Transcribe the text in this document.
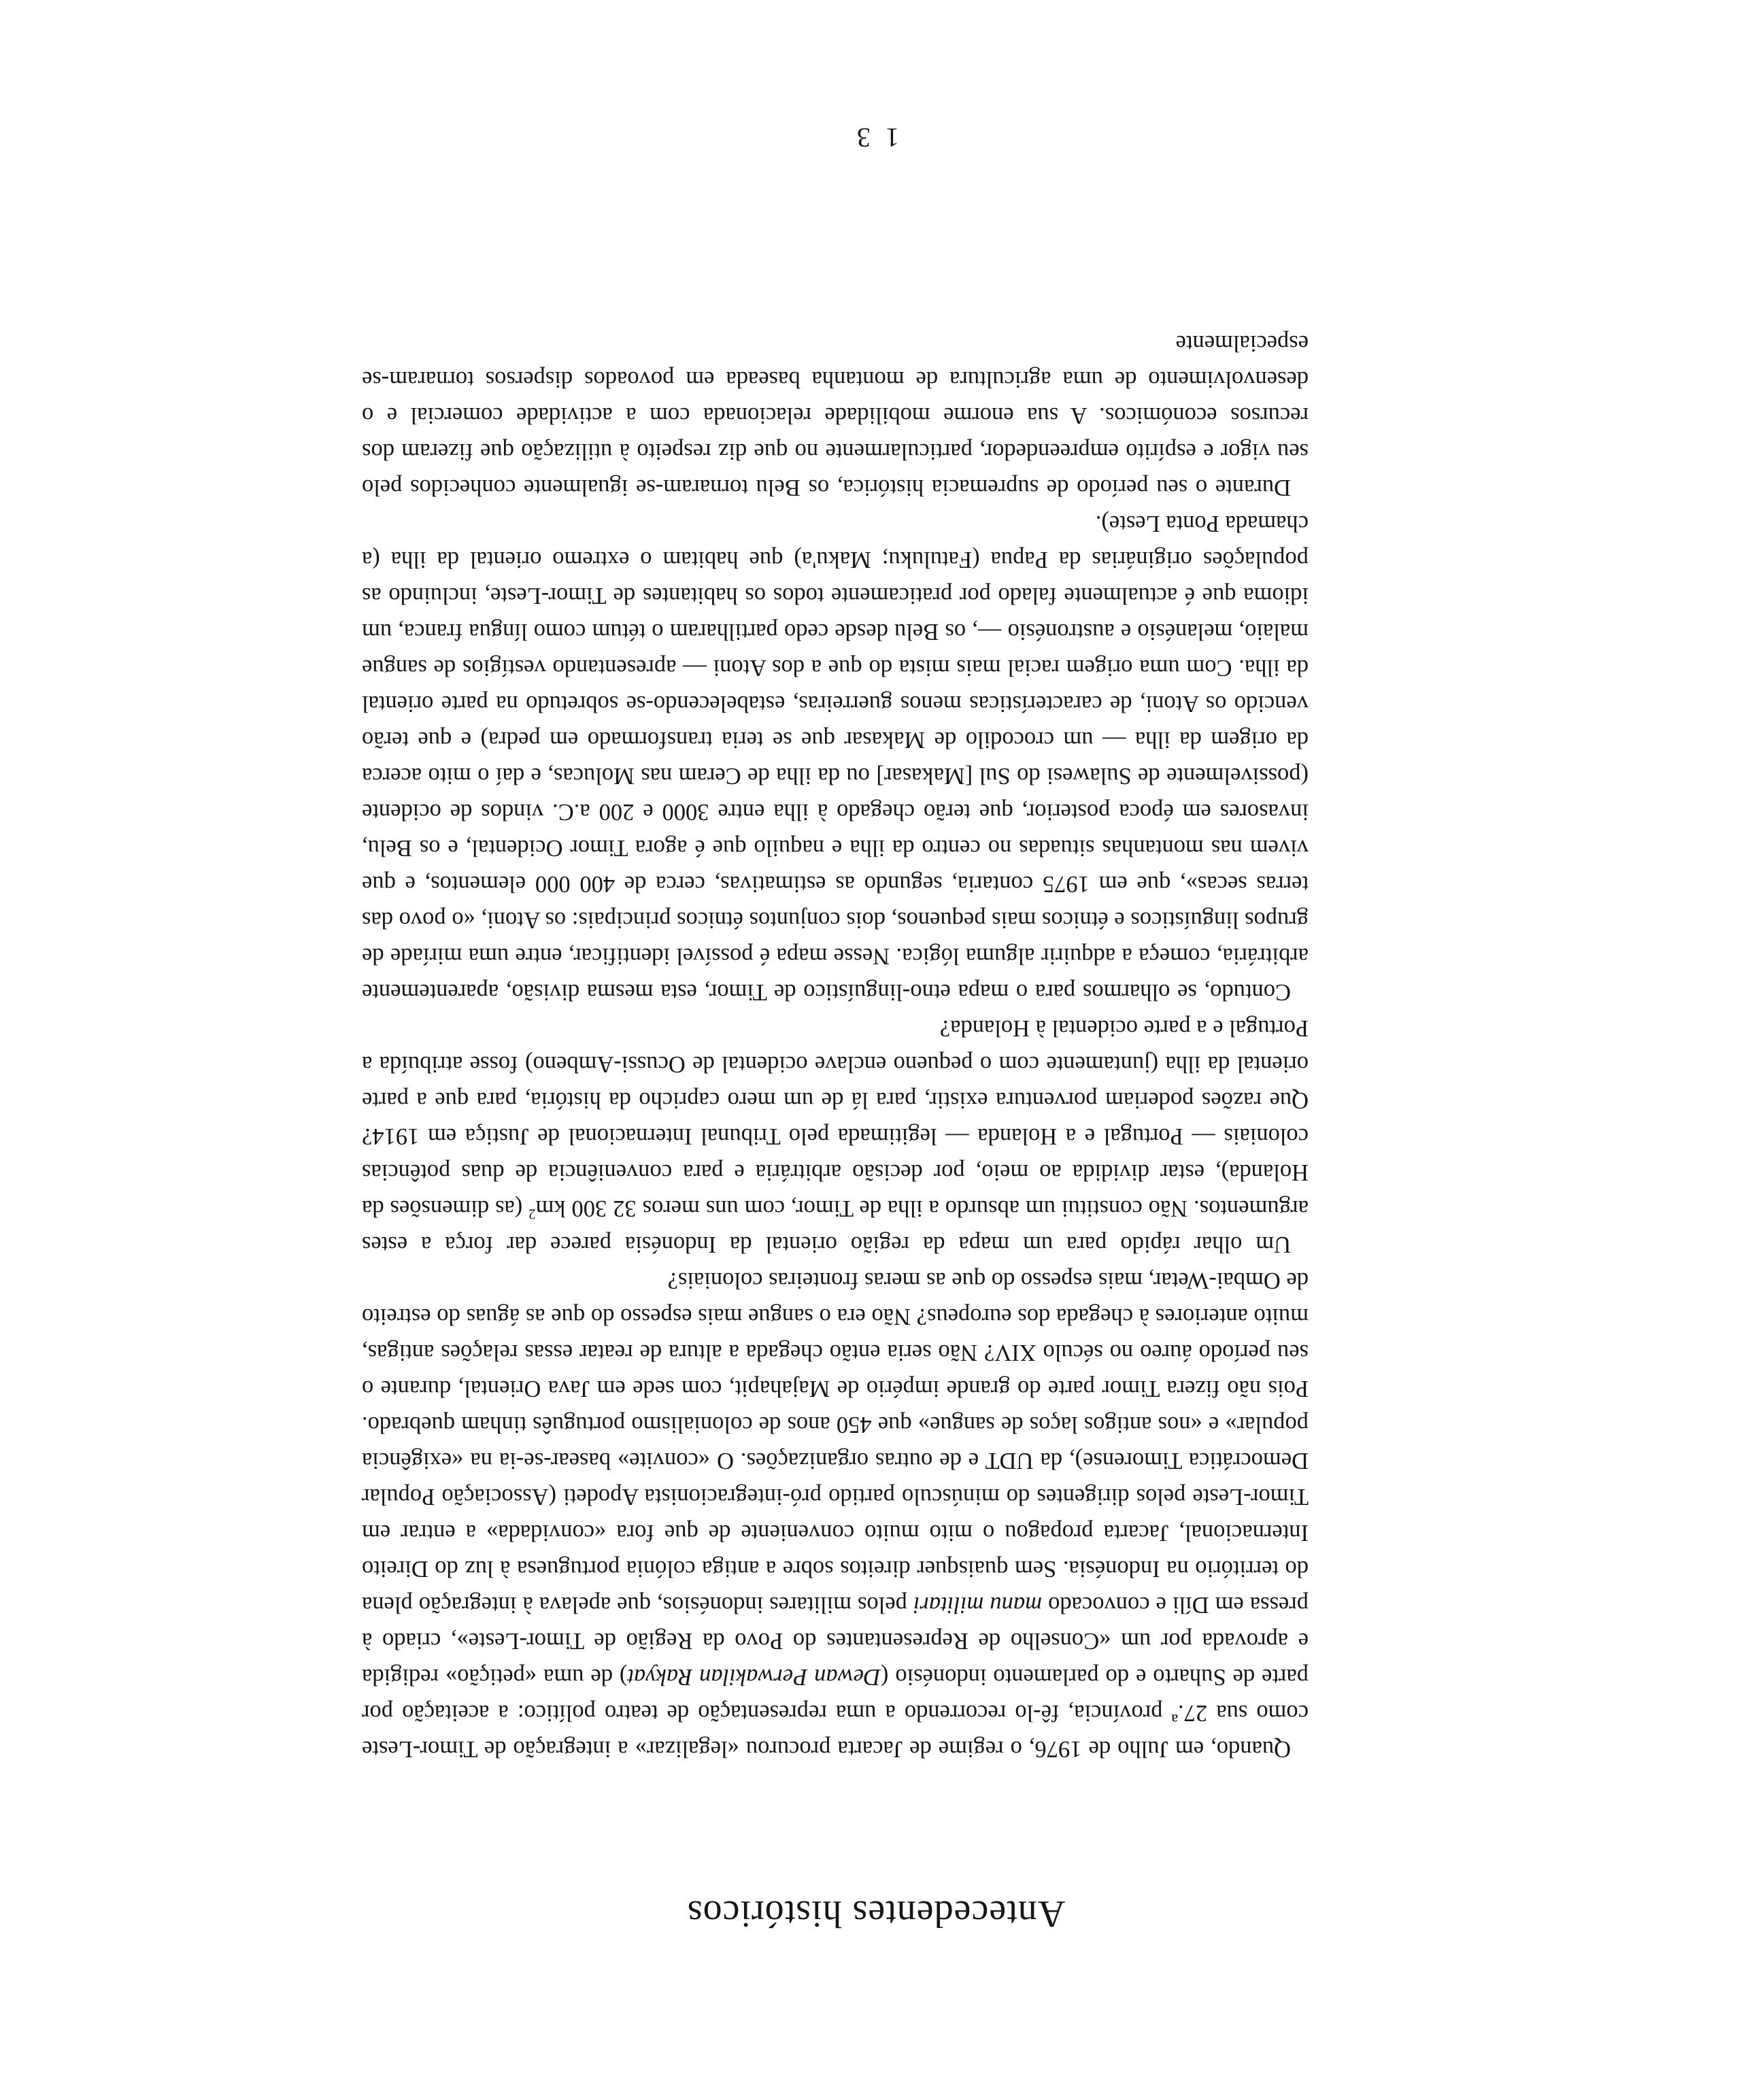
Antecedentes históricos

Quando, em Julho de 1976, o regime de Jacarta procurou «legalizar» a integração de Timor-Leste como sua 27.ª província, fê-lo recorrendo a uma representação de teatro político: a aceitação por parte de Suharto e do parlamento indonésio (Dewan Perwakilan Rakyat) de uma «petição» redigida e aprovada por um «Conselho de Representantes do Povo da Região de Timor-Leste», criado à pressa em Díli e convocado manu militari pelos militares indonésios, que apelava à integração plena do território na Indonésia. Sem quaisquer direitos sobre a antiga colónia portuguesa à luz do Direito Internacional, Jacarta propagou o mito muito conveniente de que fora «convidada» a entrar em Timor-Leste pelos dirigentes do minúsculo partido pró-integracionista Apodeti (Associação Popular Democrática Timorense), da UDT e de outras organizações. O «convite» basear-se-ia na «exigência popular» e «nos antigos laços de sangue» que 450 anos de colonialismo português tinham quebrado. Pois não fizera Timor parte do grande império de Majahapit, com sede em Java Oriental, durante o seu período áureo no século XIV? Não seria então chegada a altura de reatar essas relações antigas, muito anteriores à chegada dos europeus? Não era o sangue mais espesso do que as águas do estreito de Ombai-Wetar, mais espesso do que as meras fronteiras coloniais?

Um olhar rápido para um mapa da região oriental da Indonésia parece dar força a estes argumentos. Não constitui um absurdo a ilha de Timor, com uns meros 32 300 $km^2$ (as dimensões da Holanda), estar dividida ao meio, por decisão arbitrária e para conveniência de duas potências coloniais — Portugal e a Holanda — legitimada pelo Tribunal Internacional de Justiça em 1914? Que razões poderiam porventura existir, para lá de um mero capricho da história, para que a parte oriental da ilha (juntamente com o pequeno enclave ocidental de Ocussi-Ambeno) fosse atribuída a Portugal e a parte ocidental à Holanda?

Contudo, se olharmos para o mapa etno-linguístico de Timor, esta mesma divisão, aparentemente arbitrária, começa a adquirir alguma lógica. Nesse mapa é possível identificar, entre uma miríade de grupos linguísticos e étnicos mais pequenos, dois conjuntos étnicos principais: os Atoni, «o povo das terras secas», que em 1975 contaria, segundo as estimativas, cerca de 400 000 elementos, e que vivem nas montanhas situadas no centro da ilha e naquilo que é agora Timor Ocidental, e os Belu, invasores em época posterior, que terão chegado à ilha entre 3000 e 200 a.C. vindos de ocidente (possivelmente de Sulawesi do Sul [Makasar] ou da ilha de Ceram nas Molucas, e daí o mito acerca da origem da ilha — um crocodilo de Makasar que se teria transformado em pedra) e que terão vencido os Atoni, de características menos guerreiras, estabelecendo-se sobretudo na parte oriental da ilha. Com uma origem racial mais mista do que a dos Atoni — apresentando vestígios de sangue malaio, melanésio e austronésio —, os Belu desde cedo partilharam o tétum como língua franca, um idioma que é actualmente falado por praticamente todos os habitantes de Timor-Leste, incluindo as populações originárias da Papua (Fatuluku; Maku'a) que habitam o extremo oriental da ilha (a chamada Ponta Leste).

Durante o seu período de supremacia histórica, os Belu tornaram-se igualmente conhecidos pelo seu vigor e espírito empreendedor, particularmente no que diz respeito à utilização que fizeram dos recursos económicos. A sua enorme mobilidade relacionada com a actividade comercial e o desenvolvimento de uma agricultura de montanha baseada em povoados dispersos tornaram-se especialmente

1 3
